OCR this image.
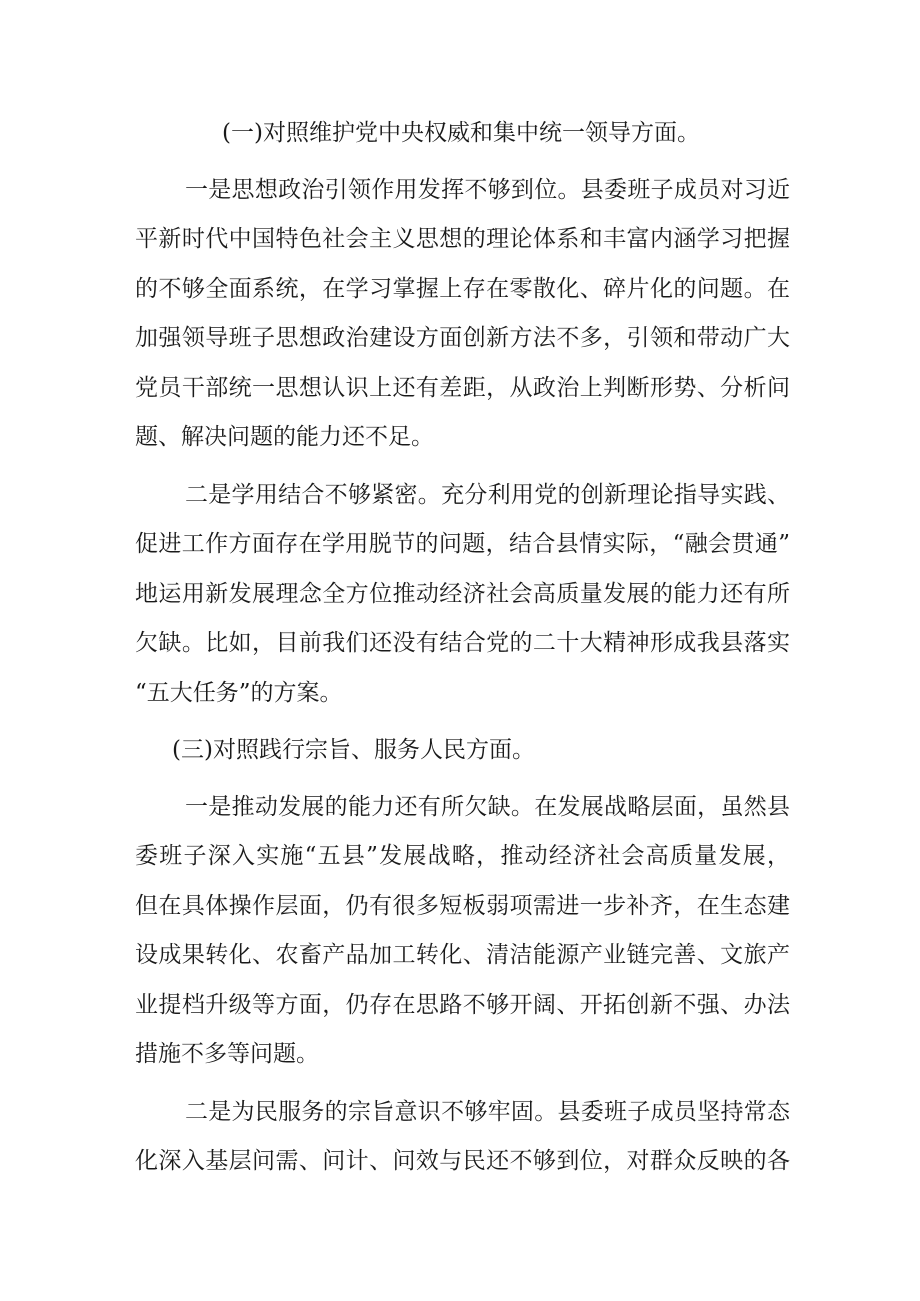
(一)对照维护党中央权威和集中统一领导方面。
一是思想政治引领作用发挥不够到位。县委班子成员对习近
平新时代中国特色社会主义思想的理论体系和丰富内涵学习把握
的不够全面系统，在学习掌握上存在零散化、碎片化的问题。在
加强领导班子思想政治建设方面创新方法不多，引领和带动广大
党员干部统一思想认识上还有差距，从政治上判断形势、分析问
题、解决问题的能力还不足。
二是学用结合不够紧密。充分利用党的创新理论指导实践、
促进工作方面存在学用脱节的问题，结合县情实际，“融会贯通”
地运用新发展理念全方位推动经济社会高质量发展的能力还有所
欠缺。比如，目前我们还没有结合党的二十大精神形成我县落实
“五大任务”的方案。
(三)对照践行宗旨、服务人民方面。
一是推动发展的能力还有所欠缺。在发展战略层面，虽然县
委班子深入实施“五县”发展战略，推动经济社会高质量发展，
但在具体操作层面，仍有很多短板弱项需进一步补齐，在生态建
设成果转化、农畜产品加工转化、清洁能源产业链完善、文旅产
业提档升级等方面，仍存在思路不够开阔、开拓创新不强、办法
措施不多等问题。
二是为民服务的宗旨意识不够牢固。县委班子成员坚持常态
化深入基层问需、问计、问效与民还不够到位，对群众反映的各
